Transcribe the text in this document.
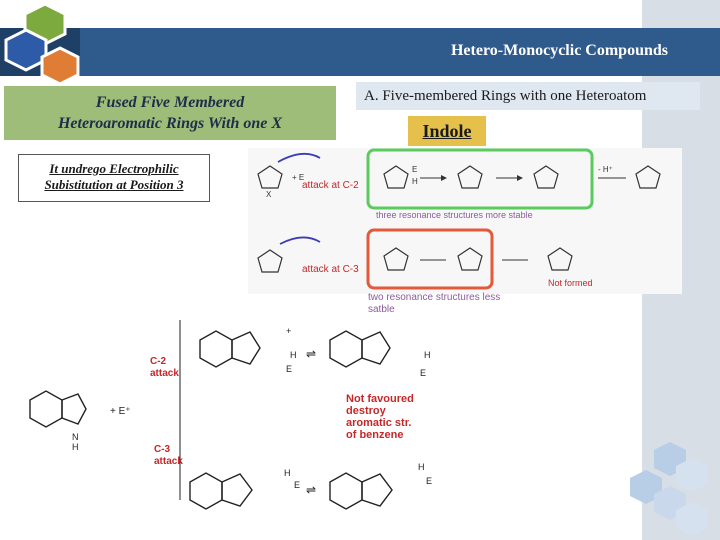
Hetero-Monocyclic Compounds
Fused Five Membered
Heteroaromatic Rings With one X
A. Five-membered Rings with one Heteroatom
Indole
It undrego Electrophilic
Subistitution at Position 3
X
+ E
attack at C-2
E
H
- H⁺
three resonance structures more stable
attack at C-3
Not formed
two resonance structures less satble
N
H
+ E⁺
C-2
attack
C-3
attack
+
H
E
⇌	H
E
H
E ⇌
H
E
Not favoured
destroy
aromatic str.
of benzene
